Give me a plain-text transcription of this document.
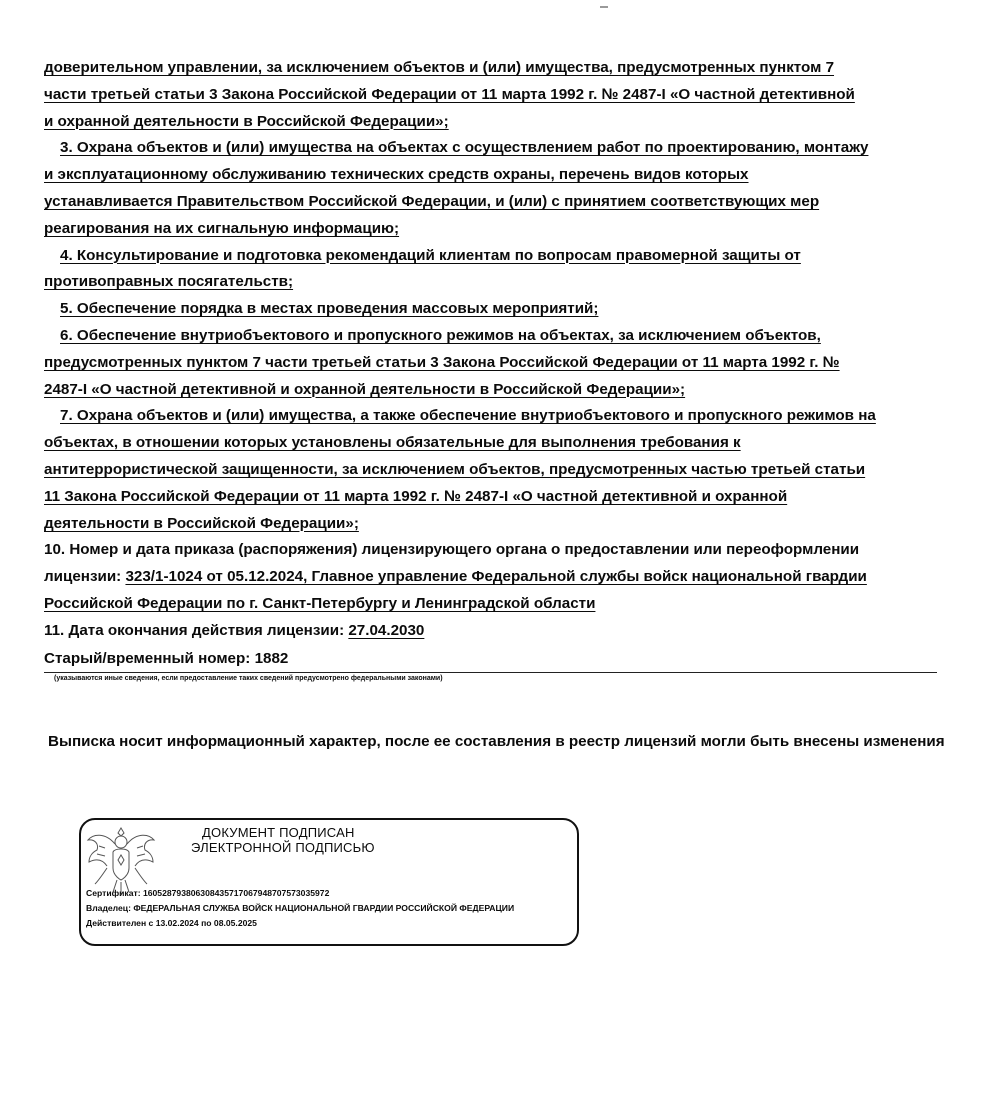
доверительном управлении, за исключением объектов и (или) имущества, предусмотренных пунктом 7
части третьей статьи 3 Закона Российской Федерации от 11 марта 1992 г. № 2487-I «О частной детективной
и охранной деятельности в Российской Федерации»;
3. Охрана объектов и (или) имущества на объектах с осуществлением работ по проектированию, монтажу
и эксплуатационному обслуживанию технических средств охраны, перечень видов которых
устанавливается Правительством Российской Федерации, и (или) с принятием соответствующих мер
реагирования на их сигнальную информацию;
4. Консультирование и подготовка рекомендаций клиентам по вопросам правомерной защиты от
противоправных посягательств;
5. Обеспечение порядка в местах проведения массовых мероприятий;
6. Обеспечение внутриобъектового и пропускного режимов на объектах, за исключением объектов,
предусмотренных пунктом 7 части третьей статьи 3 Закона Российской Федерации от 11 марта 1992 г. №
2487-I «О частной детективной и охранной деятельности в Российской Федерации»;
7. Охрана объектов и (или) имущества, а также обеспечение внутриобъектового и пропускного режимов на
объектах, в отношении которых установлены обязательные для выполнения требования к
антитеррористической защищенности, за исключением объектов, предусмотренных частью третьей статьи
11 Закона Российской Федерации от 11 марта 1992 г. № 2487-I «О частной детективной и охранной
деятельности в Российской Федерации»;
10. Номер и дата приказа (распоряжения) лицензирующего органа о предоставлении или переоформлении
лицензии: 323/1-1024 от 05.12.2024, Главное управление Федеральной службы войск национальной гвардии
Российской Федерации по г. Санкт-Петербургу и Ленинградской области
11. Дата окончания действия лицензии: 27.04.2030
Старый/временный номер: 1882
(указываются иные сведения, если предоставление таких сведений предусмотрено федеральными законами)
Выписка носит информационный характер, после ее составления в реестр лицензий могли быть внесены изменения
ДОКУМЕНТ ПОДПИСАН
ЭЛЕКТРОННОЙ ПОДПИСЬЮ
Сертификат: 160528793806308435717067948707573035972
Владелец: ФЕДЕРАЛЬНАЯ СЛУЖБА ВОЙСК НАЦИОНАЛЬНОЙ ГВАРДИИ РОССИЙСКОЙ ФЕДЕРАЦИИ
Действителен с 13.02.2024 по 08.05.2025
